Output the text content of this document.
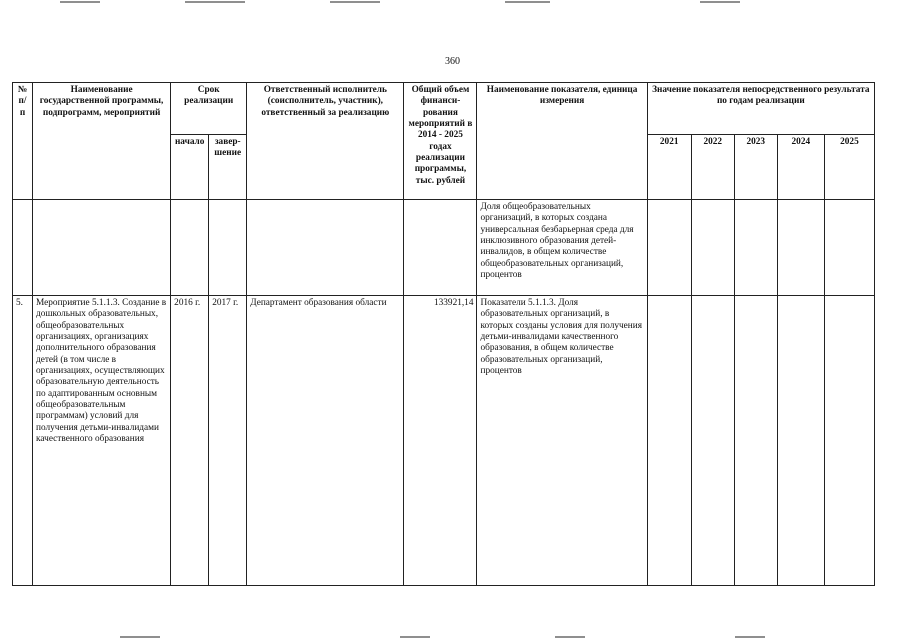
360
№ п/п	Наименование государственной программы, подпрограмм, мероприятий	Срок реализации		Ответственный исполнитель (соисполнитель, участник), ответственный за реализацию	Общий объем финанси-рования мероприятий в 2014 - 2025 годах реализации программы, тыс. рублей	Наименование показателя, единица измерения	Значение показателя непосредственного результата по годам реализации				
		начало	завер-шение				2021	2022	2023	2024	2025
						Доля общеобразовательных организаций, в которых создана универсальная безбарьерная среда для инклюзивного образования детей-инвалидов, в общем количестве общеобразовательных организаций, процентов					
5.	Мероприятие 5.1.1.3. Создание в дошкольных образовательных, общеобразовательных организациях, организациях дополнительного образования детей (в том числе в организациях, осуществляющих образовательную деятельность по адаптированным основным общеобразовательным программам) условий для получения детьми-инвалидами качественного образования	2016 г.	2017 г.	Департамент образования области	133921,14	Показатели 5.1.1.3. Доля образовательных организаций, в которых созданы условия для получения детьми-инвалидами качественного образования, в общем количестве образовательных организаций, процентов					
